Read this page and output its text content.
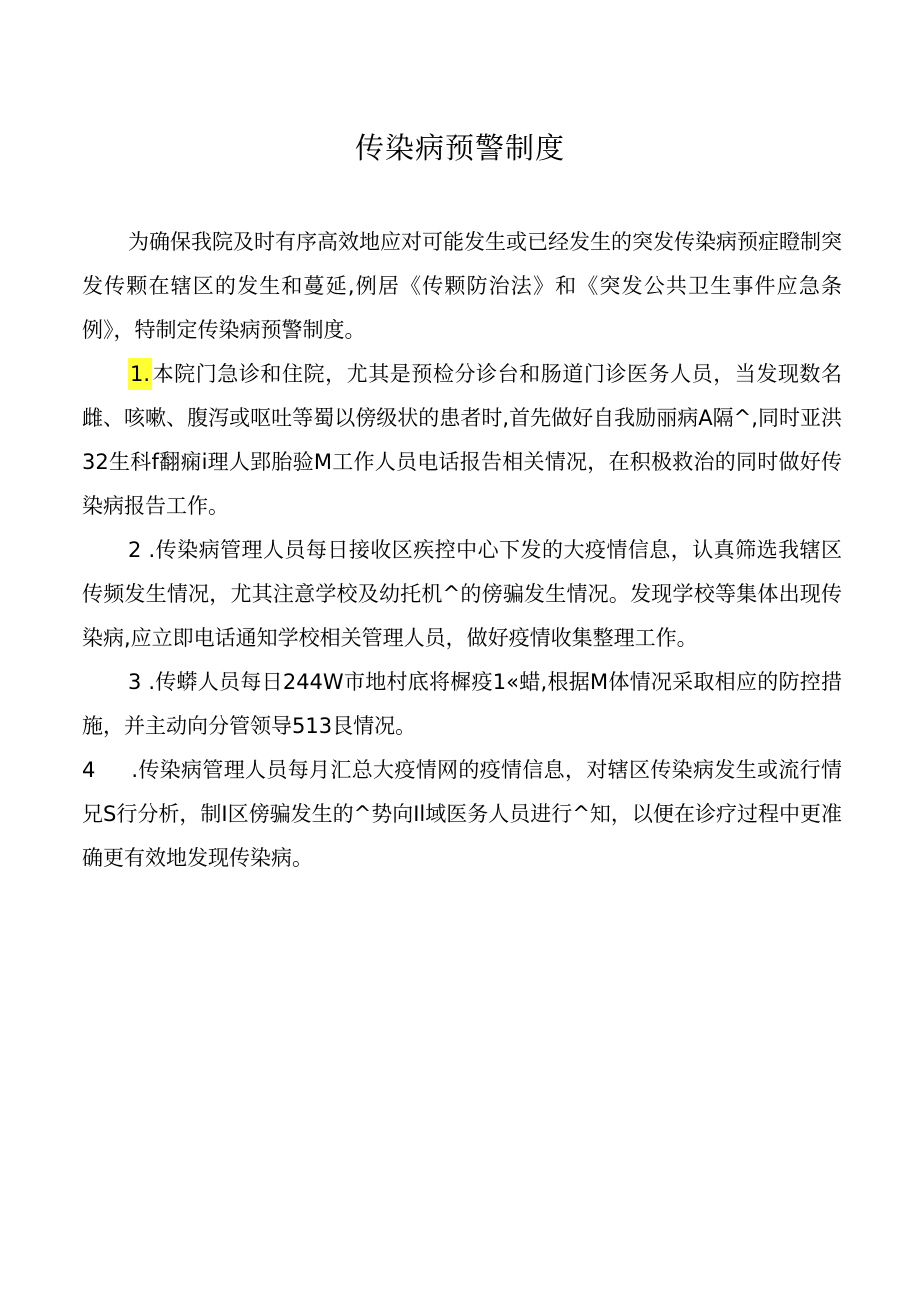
传染病预警制度

为确保我院及时有序高效地应对可能发生或已经发生的突发传染病预症瞪制突发传颗在辖区的发生和蔓延,例居《传颗防治法》和《突发公共卫生事件应急条例》，特制定传染病预警制度。

1.本院门急诊和住院，尤其是预检分诊台和肠道门诊医务人员，当发现数名雌、咳嗽、腹泻或呕吐等蜀以傍级状的患者时,首先做好自我励丽病A隔^,同时亚洪32生科f翻痫i理人郢胎验M工作人员电话报告相关情况，在积极救治的同时做好传染病报告工作。

2 .传染病管理人员每日接收区疾控中心下发的大疫情信息，认真筛选我辖区传频发生情况，尤其注意学校及幼托机^的傍骗发生情况。发现学校等集体出现传染病,应立即电话通知学校相关管理人员，做好疫情收集整理工作。

3 .传蟒人员每日244W市地村底将樨疫1«蜡,根据M体情况采取相应的防控措施，并主动向分管领导513艮情况。

4 .传染病管理人员每月汇总大疫情网的疫情信息，对辖区传染病发生或流行情兄S行分析，制I区傍骗发生的^势向Il域医务人员进行^知，以便在诊疗过程中更准确更有效地发现传染病。
